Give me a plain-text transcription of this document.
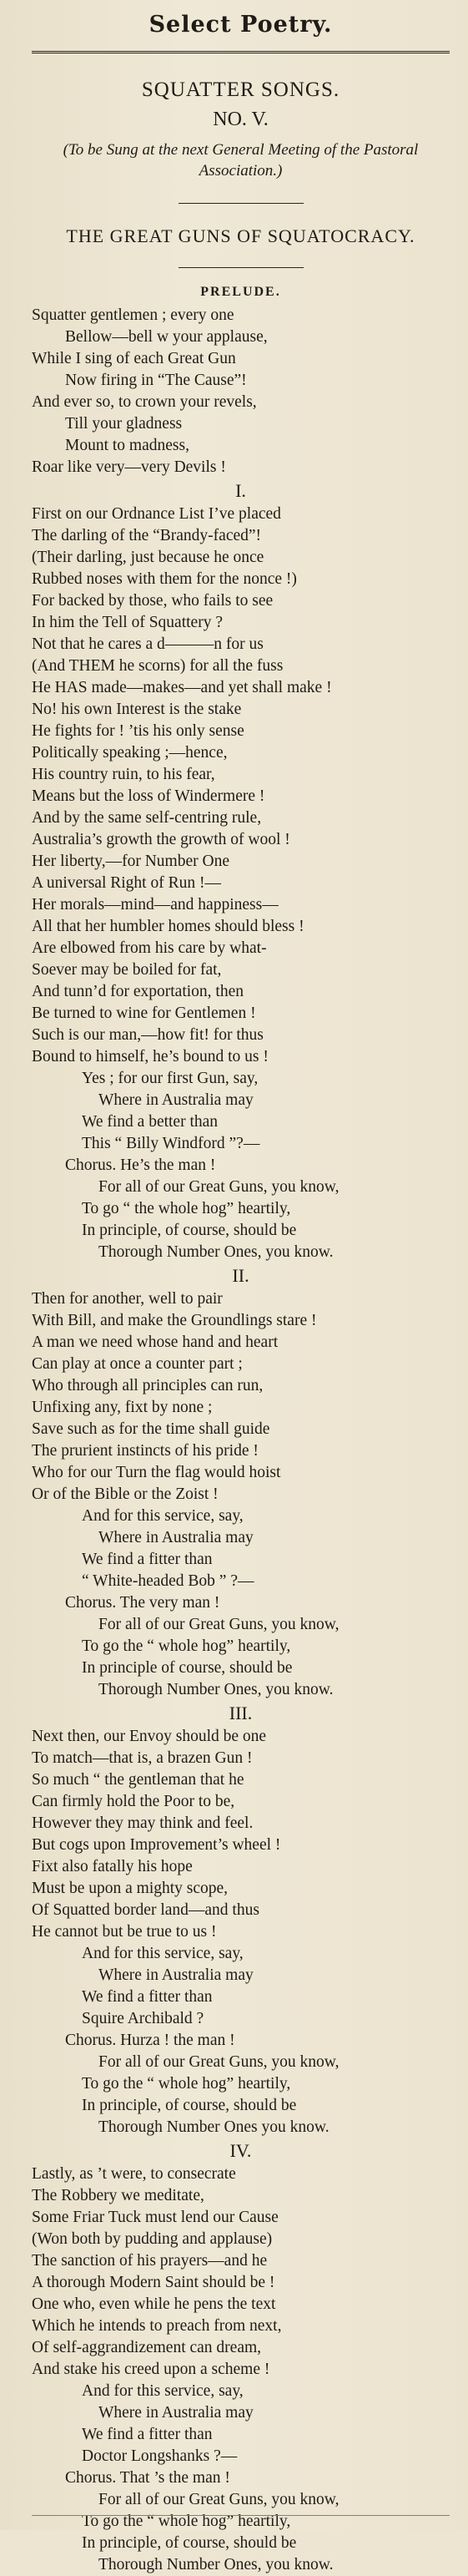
Select Poetry.
SQUATTER SONGS.
NO. V.
(To be Sung at the next General Meeting of the Pastoral Association.)
THE GREAT GUNS OF SQUATOCRACY.
PRELUDE.
Squatter gentlemen ; every one
Bellow—bell w your applause,
While I sing of each Great Gun
Now firing in “The Cause”!
And ever so, to crown your revels,
Till your gladness
Mount to madness,
Roar like very—very Devils !
I.
First on our Ordnance List I’ve placed
The darling of the “Brandy-faced”!
(Their darling, just because he once
Rubbed noses with them for the nonce !)
For backed by those, who fails to see
In him the Tell of Squattery ?
Not that he cares a d———n for us
(And THEM he scorns) for all the fuss
He HAS made—makes—and yet shall make !
No! his own Interest is the stake
He fights for ! ’tis his only sense
Politically speaking ;—hence,
His country ruin, to his fear,
Means but the loss of Windermere !
And by the same self-centring rule,
Australia’s growth the growth of wool !
Her liberty,—for Number One
A universal Right of Run !—
Her morals—mind—and happiness—
All that her humbler homes should bless !
Are elbowed from his care by what-
Soever may be boiled for fat,
And tunn’d for exportation, then
Be turned to wine for Gentlemen !
Such is our man,—how fit! for thus
Bound to himself, he’s bound to us !
Yes ; for our first Gun, say,
Where in Australia may
We find a better than
This “ Billy Windford ”?—
Chorus. He’s the man !
For all of our Great Guns, you know,
To go “ the whole hog” heartily,
In principle, of course, should be
Thorough Number Ones, you know.
II.
Then for another, well to pair
With Bill, and make the Groundlings stare !
A man we need whose hand and heart
Can play at once a counter part ;
Who through all principles can run,
Unfixing any, fixt by none ;
Save such as for the time shall guide
The prurient instincts of his pride !
Who for our Turn the flag would hoist
Or of the Bible or the Zoist !
And for this service, say,
Where in Australia may
We find a fitter than
“ White-headed Bob ” ?—
Chorus. The very man !
For all of our Great Guns, you know,
To go the “ whole hog” heartily,
In principle of course, should be
Thorough Number Ones, you know.
III.
Next then, our Envoy should be one
To match—that is, a brazen Gun !
So much “ the gentleman that he
Can firmly hold the Poor to be,
However they may think and feel.
But cogs upon Improvement’s wheel !
Fixt also fatally his hope
Must be upon a mighty scope,
Of Squatted border land—and thus
He cannot but be true to us !
And for this service, say,
Where in Australia may
We find a fitter than
Squire Archibald ?
Chorus. Hurza ! the man !
For all of our Great Guns, you know,
To go the “ whole hog” heartily,
In principle, of course, should be
Thorough Number Ones you know.
IV.
Lastly, as ’t were, to consecrate
The Robbery we meditate,
Some Friar Tuck must lend our Cause
(Won both by pudding and applause)
The sanction of his prayers—and he
A thorough Modern Saint should be !
One who, even while he pens the text
Which he intends to preach from next,
Of self-aggrandizement can dream,
And stake his creed upon a scheme !
And for this service, say,
Where in Australia may
We find a fitter than
Doctor Longshanks ?—
Chorus. That ’s the man !
For all of our Great Guns, you know,
To go the “ whole hog” heartily,
In principle, of course, should be
Thorough Number Ones, you know.
